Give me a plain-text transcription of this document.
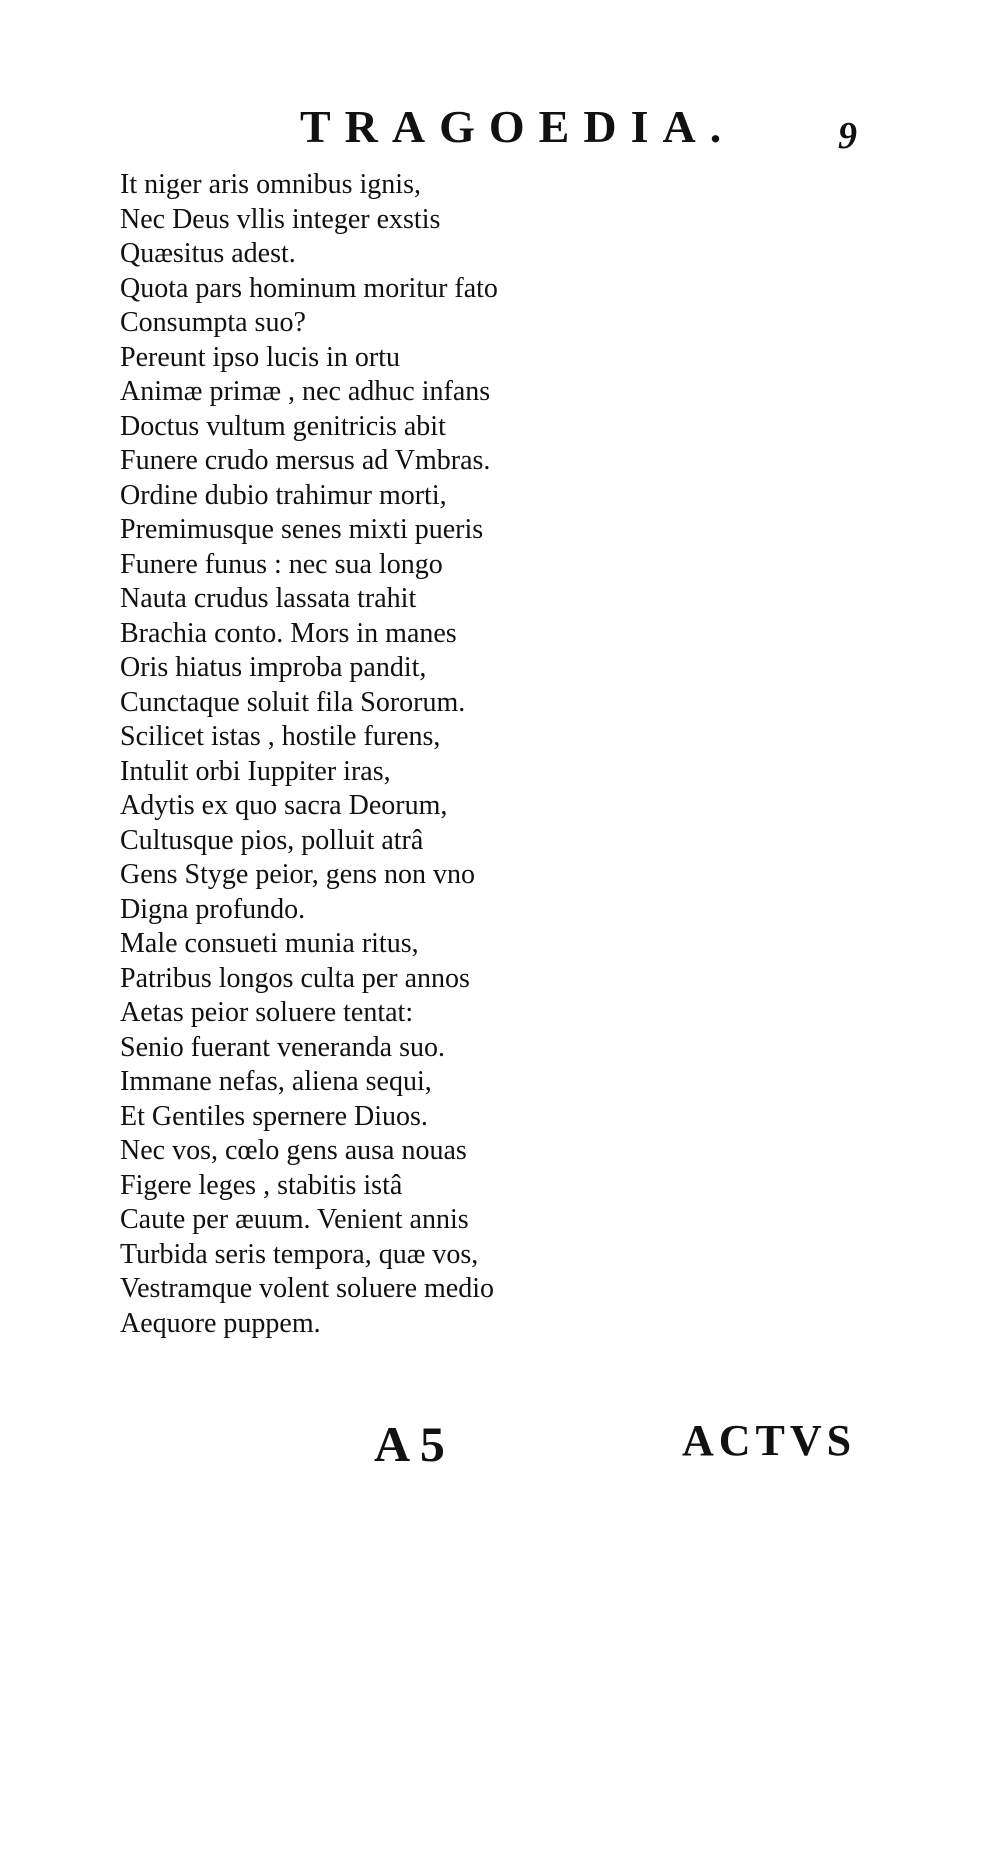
TRAGOEDIA.	9
It niger aris omnibus ignis,
Nec Deus vllis integer exstis
Quæsitus adest.
Quota pars hominum moritur fato
Consumpta suo?
Pereunt ipso lucis in ortu
Animæ primæ , nec adhuc infans
Doctus vultum genitricis abit
Funere crudo mersus ad Vmbras.
Ordine dubio trahimur morti,
Premimusque senes mixti pueris
Funere funus : nec sua longo
Nauta crudus lassata trahit
Brachia conto. Mors in manes
Oris hiatus improba pandit,
Cunctaque soluit fila Sororum.
Scilicet istas , hostile furens,
Intulit orbi Iuppiter iras,
Adytis ex quo sacra Deorum,
Cultusque pios, polluit atrâ
Gens Styge peior, gens non vno
Digna profundo.
Male consueti munia ritus,
Patribus longos culta per annos
Aetas peior soluere tentat:
Senio fuerant veneranda suo.
Immane nefas, aliena sequi,
Et Gentiles spernere Diuos.
Nec vos, cœlo gens ausa nouas
Figere leges , stabitis istâ
Caute per æuum. Venient annis
Turbida seris tempora, quæ vos,
Vestramque volent soluere medio
Aequore puppem.
A 5	ACTVS
